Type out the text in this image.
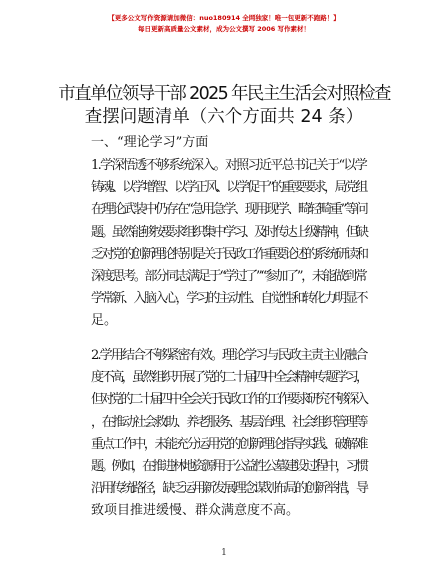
【更多公文写作资源请加微信：nuo180914 全网独家！唯一包更新不跑路！】
每日更新高质量公文素材，成为公文撰写 2006 写作素材！
市直单位领导干部 2025 年民主生活会对照检查
查摆问题清单（六个方面共 24 条）
一、“理论学习”方面
1.学深悟透不够系统深入。对照习近平总书记关于“以学
铸魂、以学增智、以学正风、以学促干”的重要要求，局党组
在理论武装中仍存在“急用急学、现用现学、畸轻畸重”等问
题。虽然能够按要求组织集中学习、及时传达上级精神，但缺
乏对党的创新理论特别是关于民政工作重要论述的系统研读和
深度思考。部分同志满足于“学过了”“参加了”，未能做到常
学常新、入脑入心，学习的主动性、自觉性和转化力明显不
足。
2.学用结合不够紧密有效。理论学习与民政主责主业融合
度不高，虽然组织开展了党的二十届四中全会精神专题学习，
但对党的二十届四中全会关于民政工作的工作要求研究不够深入
，在推动社会救助、养老服务、基层治理、社会组织管理等
重点工作中，未能充分运用党的创新理论指导实践、破解难
题。例如，在推进林地资源用于公益性公墓建设过程中，习惯
沿用传统路径，缺乏运用新发展理念谋划布局的创新举措，导
致项目推进缓慢、群众满意度不高。
1
